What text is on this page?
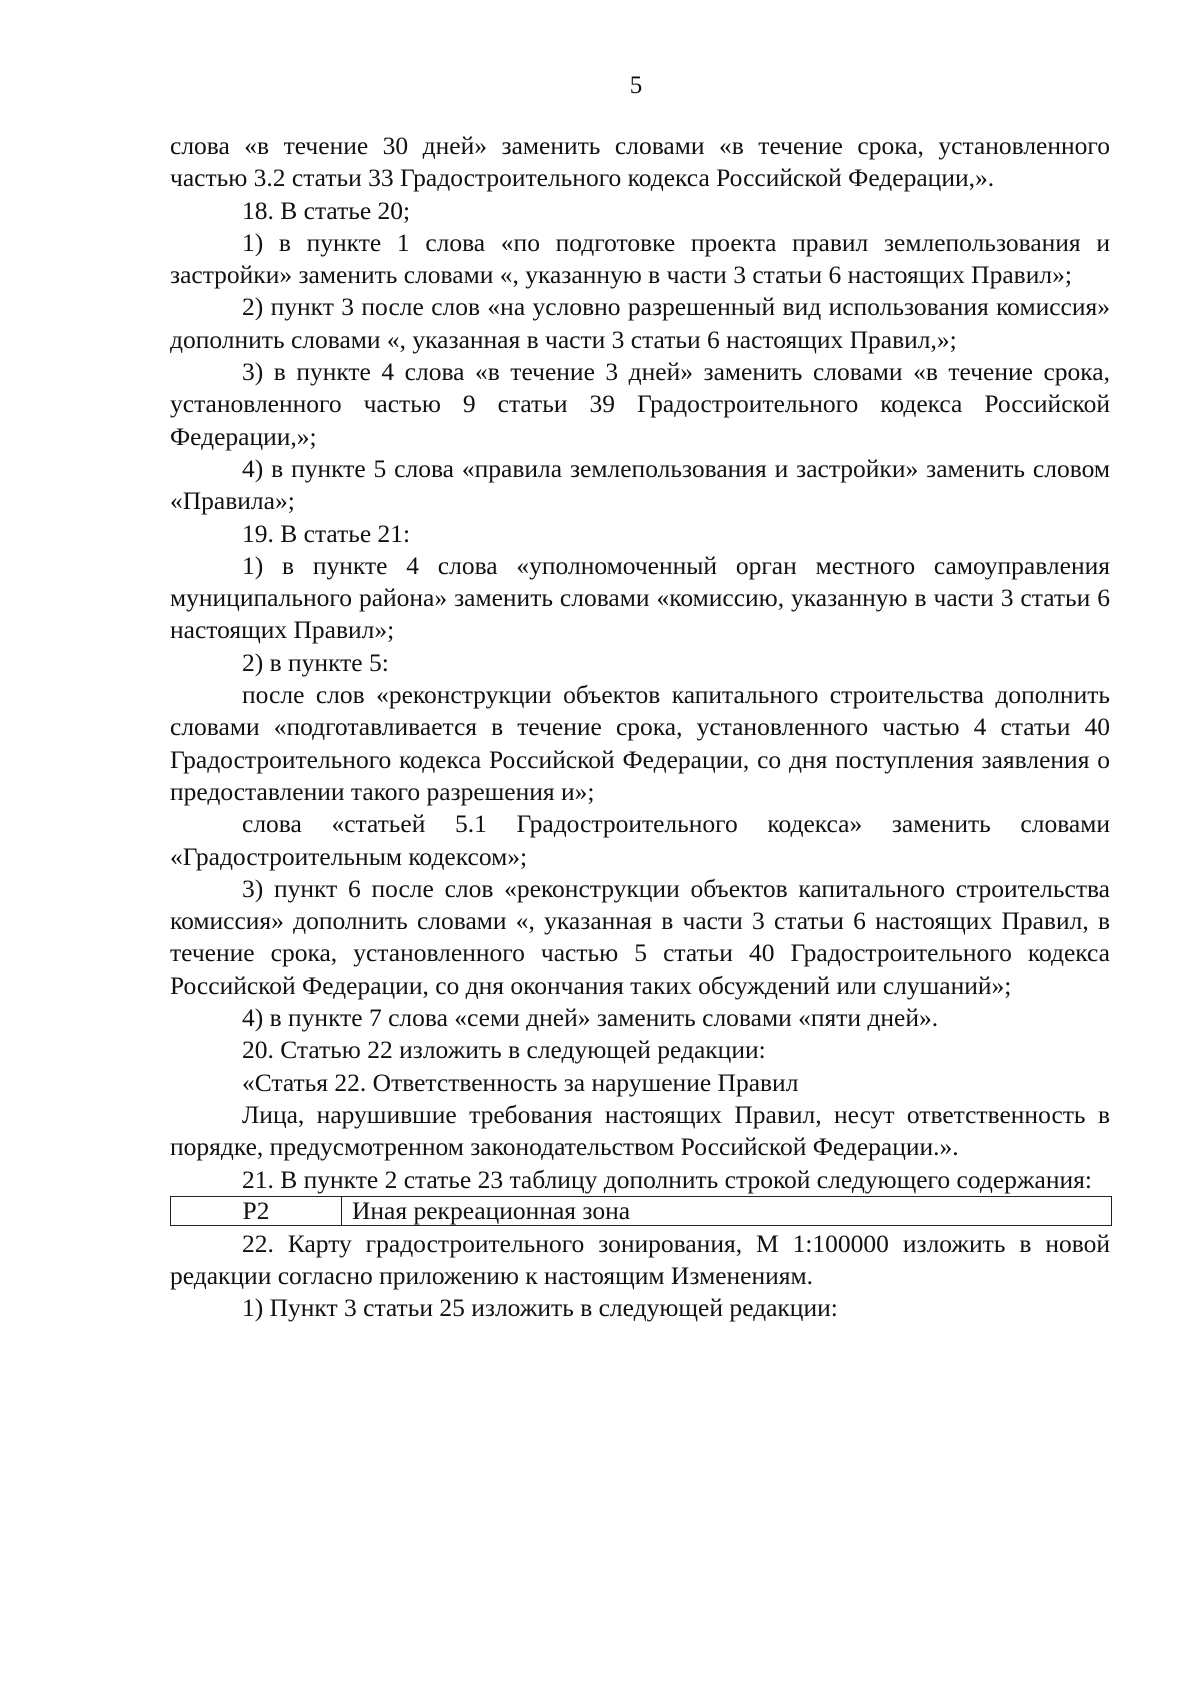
5

слова «в течение 30 дней» заменить словами «в течение срока, установленного частью 3.2 статьи 33 Градостроительного кодекса Российской Федерации,».

18. В статье 20;

1) в пункте 1 слова «по подготовке проекта правил землепользования и застройки» заменить словами «, указанную в части 3 статьи 6 настоящих Правил»;

2) пункт 3 после слов «на условно разрешенный вид использования комиссия» дополнить словами «, указанная в части 3 статьи 6 настоящих Правил,»;

3) в пункте 4 слова «в течение 3 дней» заменить словами «в течение срока, установленного частью 9 статьи 39 Градостроительного кодекса Российской Федерации,»;

4) в пункте 5 слова «правила землепользования и застройки» заменить словом «Правила»;

19. В статье 21:

1) в пункте 4 слова «уполномоченный орган местного самоуправления муниципального района» заменить словами «комиссию, указанную в части 3 статьи 6 настоящих Правил»;

2) в пункте 5:

после слов «реконструкции объектов капитального строительства дополнить словами «подготавливается в течение срока, установленного частью 4 статьи 40 Градостроительного кодекса Российской Федерации, со дня поступления заявления о предоставлении такого разрешения и»;

слова «статьей 5.1 Градостроительного кодекса» заменить словами «Градостроительным кодексом»;

3) пункт 6 после слов «реконструкции объектов капитального строительства комиссия» дополнить словами «, указанная в части 3 статьи 6 настоящих Правил, в течение срока, установленного частью 5 статьи 40 Градостроительного кодекса Российской Федерации, со дня окончания таких обсуждений или слушаний»;

4) в пункте 7 слова «семи дней» заменить словами «пяти дней».

20. Статью 22 изложить в следующей редакции:

«Статья 22. Ответственность за нарушение Правил

Лица, нарушившие требования настоящих Правил, несут ответственность в порядке, предусмотренном законодательством Российской Федерации.».

21. В пункте 2 статье 23 таблицу дополнить строкой следующего содержания:

Р2	Иная рекреационная зона

22. Карту градостроительного зонирования, М 1:100000 изложить в новой редакции согласно приложению к настоящим Изменениям.

1) Пункт 3 статьи 25 изложить в следующей редакции:
